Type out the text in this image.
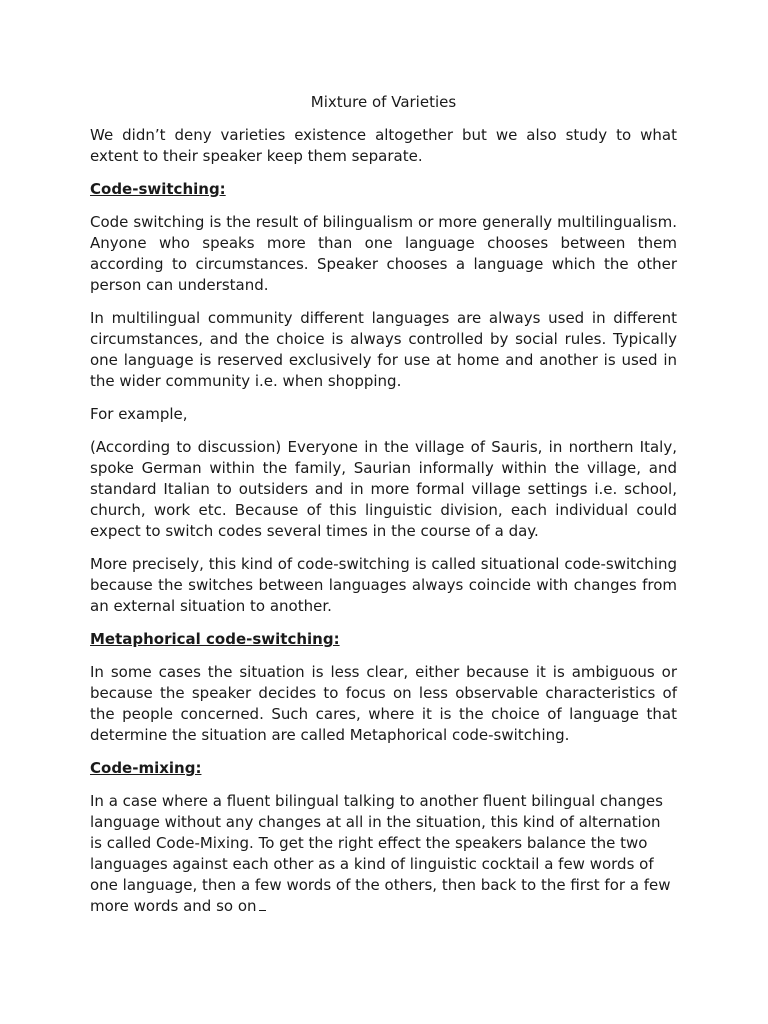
Mixture of Varieties

We didn’t deny varieties existence altogether but we also study to what extent to their speaker keep them separate.

Code-switching:

Code switching is the result of bilingualism or more generally multilingualism. Anyone who speaks more than one language chooses between them according to circumstances. Speaker chooses a language which the other person can understand.

In multilingual community different languages are always used in different circumstances, and the choice is always controlled by social rules. Typically one language is reserved exclusively for use at home and another is used in the wider community i.e. when shopping.

For example,

(According to discussion) Everyone in the village of Sauris, in northern Italy, spoke German within the family, Saurian informally within the village, and standard Italian to outsiders and in more formal village settings i.e. school, church, work etc. Because of this linguistic division, each individual could expect to switch codes several times in the course of a day.

More precisely, this kind of code-switching is called situational code-switching because the switches between languages always coincide with changes from an external situation to another.

Metaphorical code-switching:

In some cases the situation is less clear, either because it is ambiguous or because the speaker decides to focus on less observable characteristics of the people concerned. Such cares, where it is the choice of language that determine the situation are called Metaphorical code-switching.

Code-mixing:

In a case where a fluent bilingual talking to another fluent bilingual changes language without any changes at all in the situation, this kind of alternation is called Code-Mixing. To get the right effect the speakers balance the two languages against each other as a kind of linguistic cocktail a few words of one language, then a few words of the others, then back to the first for a few more words and so on
